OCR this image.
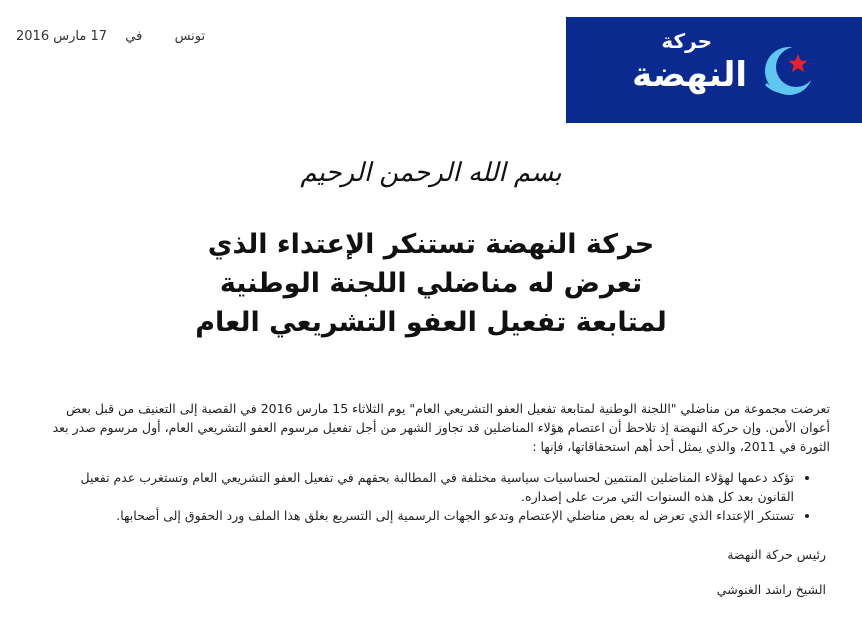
تونس  في  17 مارس 2016	حركة
النهضة
بسم الله الرحمن الرحيم
حركة النهضة تستنكر الإعتداء الذي
تعرض له مناضلي اللجنة الوطنية
لمتابعة تفعيل العفو التشريعي العام

تعرضت مجموعة من مناضلي "اللجنة الوطنية لمتابعة تفعيل العفو التشريعي العام" يوم الثلاثاء 15 مارس 2016 في القصبة إلى التعنيف من قبل بعض أعوان الأمن. وإن حركة النهضة إذ تلاحظ أن اعتصام هؤلاء المناضلين قد تجاوز الشهر من أجل تفعيل مرسوم العفو التشريعي العام، أول مرسوم صدر بعد الثورة في 2011، والذي يمثل أحد أهم استحقاقاتها، فإنها :

• تؤكد دعمها لهؤلاء المناضلين المنتمين لحساسيات سياسية مختلفة في المطالبة بحقهم في تفعيل العفو التشريعي العام وتستغرب عدم تفعيل القانون بعد كل هذه السنوات التي مرت على إصداره.
• تستنكر الإعتداء الذي تعرض له بعض مناضلي الإعتصام وتدعو الجهات الرسمية إلى التسريع بغلق هذا الملف ورد الحقوق إلى أصحابها.
رئيس حركة النهضة
الشيخ راشد الغنوشي
